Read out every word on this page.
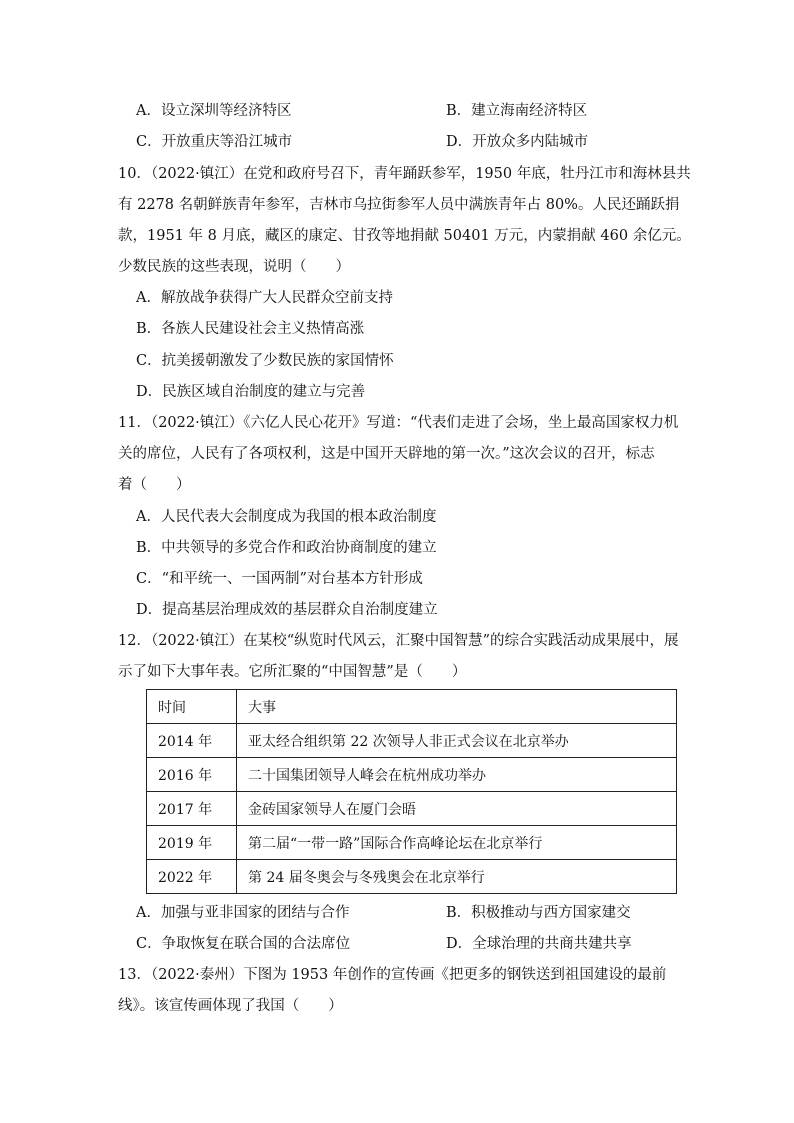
A．设立深圳等经济特区	B．建立海南经济特区
C．开放重庆等沿江城市	D．开放众多内陆城市
10．（2022·镇江）在党和政府号召下，青年踊跃参军，1950 年底，牡丹江市和海林县共
有 2278 名朝鲜族青年参军，吉林市乌拉街参军人员中满族青年占 80%。人民还踊跃捐
款，1951 年 8 月底，藏区的康定、甘孜等地捐献 50401 万元，内蒙捐献 460 余亿元。
少数民族的这些表现，说明（　　）
A．解放战争获得广大人民群众空前支持
B．各族人民建设社会主义热情高涨
C．抗美援朝激发了少数民族的家国情怀
D．民族区域自治制度的建立与完善
11．（2022·镇江）《六亿人民心花开》写道：“代表们走进了会场，坐上最高国家权力机
关的席位，人民有了各项权利，这是中国开天辟地的第一次。”这次会议的召开，标志
着（　　）
A．人民代表大会制度成为我国的根本政治制度
B．中共领导的多党合作和政治协商制度的建立
C．“和平统一、一国两制”对台基本方针形成
D．提高基层治理成效的基层群众自治制度建立
12．（2022·镇江）在某校“纵览时代风云，汇聚中国智慧”的综合实践活动成果展中，展
示了如下大事年表。它所汇聚的“中国智慧”是（　　）
时间	大事
2014 年	亚太经合组织第 22 次领导人非正式会议在北京举办
2016 年	二十国集团领导人峰会在杭州成功举办
2017 年	金砖国家领导人在厦门会晤
2019 年	第二届“一带一路”国际合作高峰论坛在北京举行
2022 年	第 24 届冬奥会与冬残奥会在北京举行
A．加强与亚非国家的团结与合作	B．积极推动与西方国家建交
C．争取恢复在联合国的合法席位	D．全球治理的共商共建共享
13．（2022·泰州）下图为 1953 年创作的宣传画《把更多的钢铁送到祖国建设的最前
线》。该宣传画体现了我国（　　）
